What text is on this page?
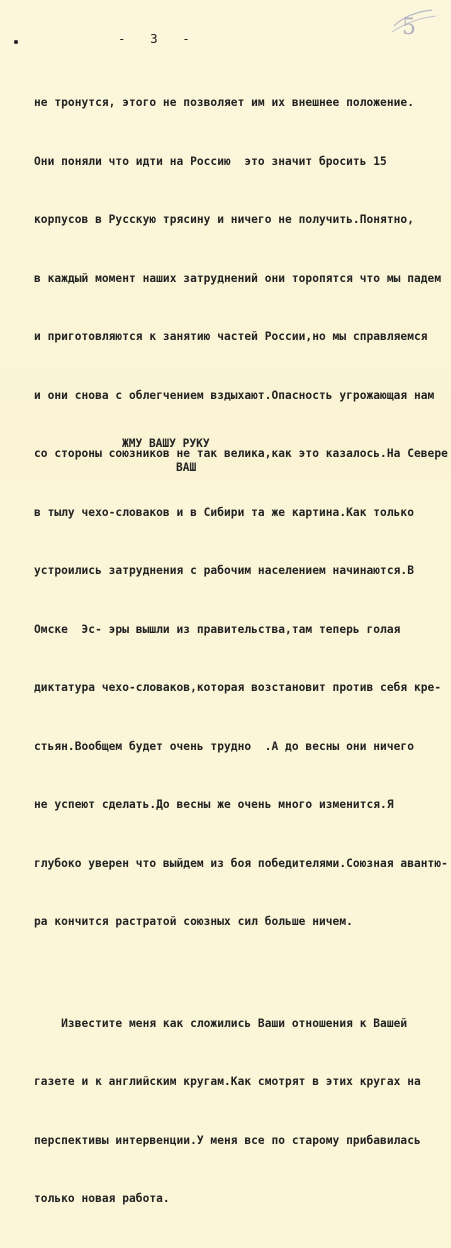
5
-   3   -

не тронутся, этого не позволяет им их внешнее положение.

Они поняли что идти на Россию  это значит бросить 15

корпусов в Русскую трясину и ничего не получить.Понятно,

в каждый момент наших затруднений они торопятся что мы падем

и приготовляются к занятию частей России,но мы справляемся

и они снова с облегчением вздыхают.Опасность угрожающая нам

со стороны союзников не так велика,как это казалось.На Севере

в тылу чехо-словаков и в Сибири та же картина.Как только

устроились затруднения с рабочим населением начинаются.В

Омске  Эс- эры вышли из правительства,там теперь голая

диктатура чехо-словаков,которая возстановит против себя кре-

стьян.Вообщем будет очень трудно  .А до весны они ничего

не успеют сделать.До весны же очень много изменится.Я

глубоко уверен что выйдем из боя победителями.Союзная авантю-

ра кончится растратой союзных сил больше ничем.

Известите меня как сложились Ваши отношения к Вашей

газете и к английским кругам.Как смотрят в этих кругах на

перспективы интервенции.У меня все по старому прибавилась

только новая работа.

ЖМУ ВАШУ РУКУ
ВАШ
